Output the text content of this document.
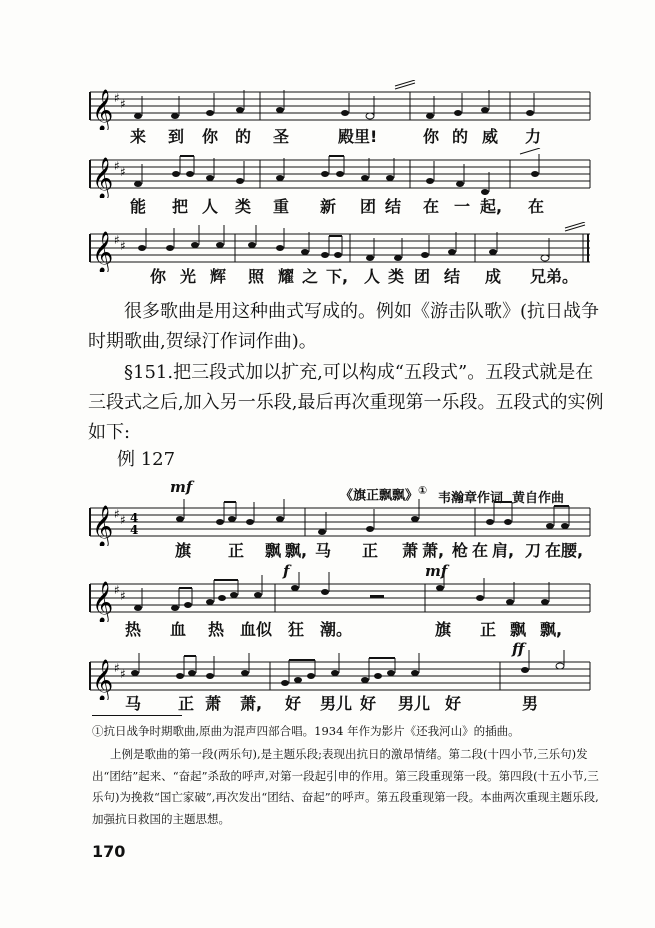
𝄞 ♯ ♯
来 到 你 的 圣	殿里!	你 的 威 力
𝄞 ♯ ♯
能 把 人 类 重 新 团 结 在 一 起, 在
𝄞 ♯ ♯
你 光 辉 照 耀 之 下, 人 类 团 结 成 兄弟。
很多歌曲是用这种曲式写成的。例如《游击队歌》(抗日战争时期歌曲,贺绿汀作词作曲)。
§151.把三段式加以扩充,可以构成“五段式”。五段式就是在三段式之后,加入另一乐段,最后再次重现第一乐段。五段式的实例如下:
例 127
《旗正飘飘》①
韦瀚章作词  黄自作曲
mf
𝄞 ♯ ♯ 4
4
旗 正 飘 飘, 马 正 萧 萧, 枪 在 肩, 刀 在腰,
f	mf
𝄞 ♯ ♯
热 血 热 血似 狂 潮。	旗 正 飘 飘,
ff
𝄞 ♯ ♯
马 正 萧 萧, 好 男儿 好 男儿 好	男
①抗日战争时期歌曲,原曲为混声四部合唱。1934 年作为影片《还我河山》的插曲。
上例是歌曲的第一段(两乐句),是主题乐段;表现出抗日的激昂情绪。第二段(十四小节,三乐句)发出“团结”起来、“奋起”杀敌的呼声,对第一段起引申的作用。第三段重现第一段。第四段(十五小节,三乐句)为挽救“国亡家破”,再次发出“团结、奋起”的呼声。第五段重现第一段。本曲两次重现主题乐段,加强抗日救国的主题思想。
170
